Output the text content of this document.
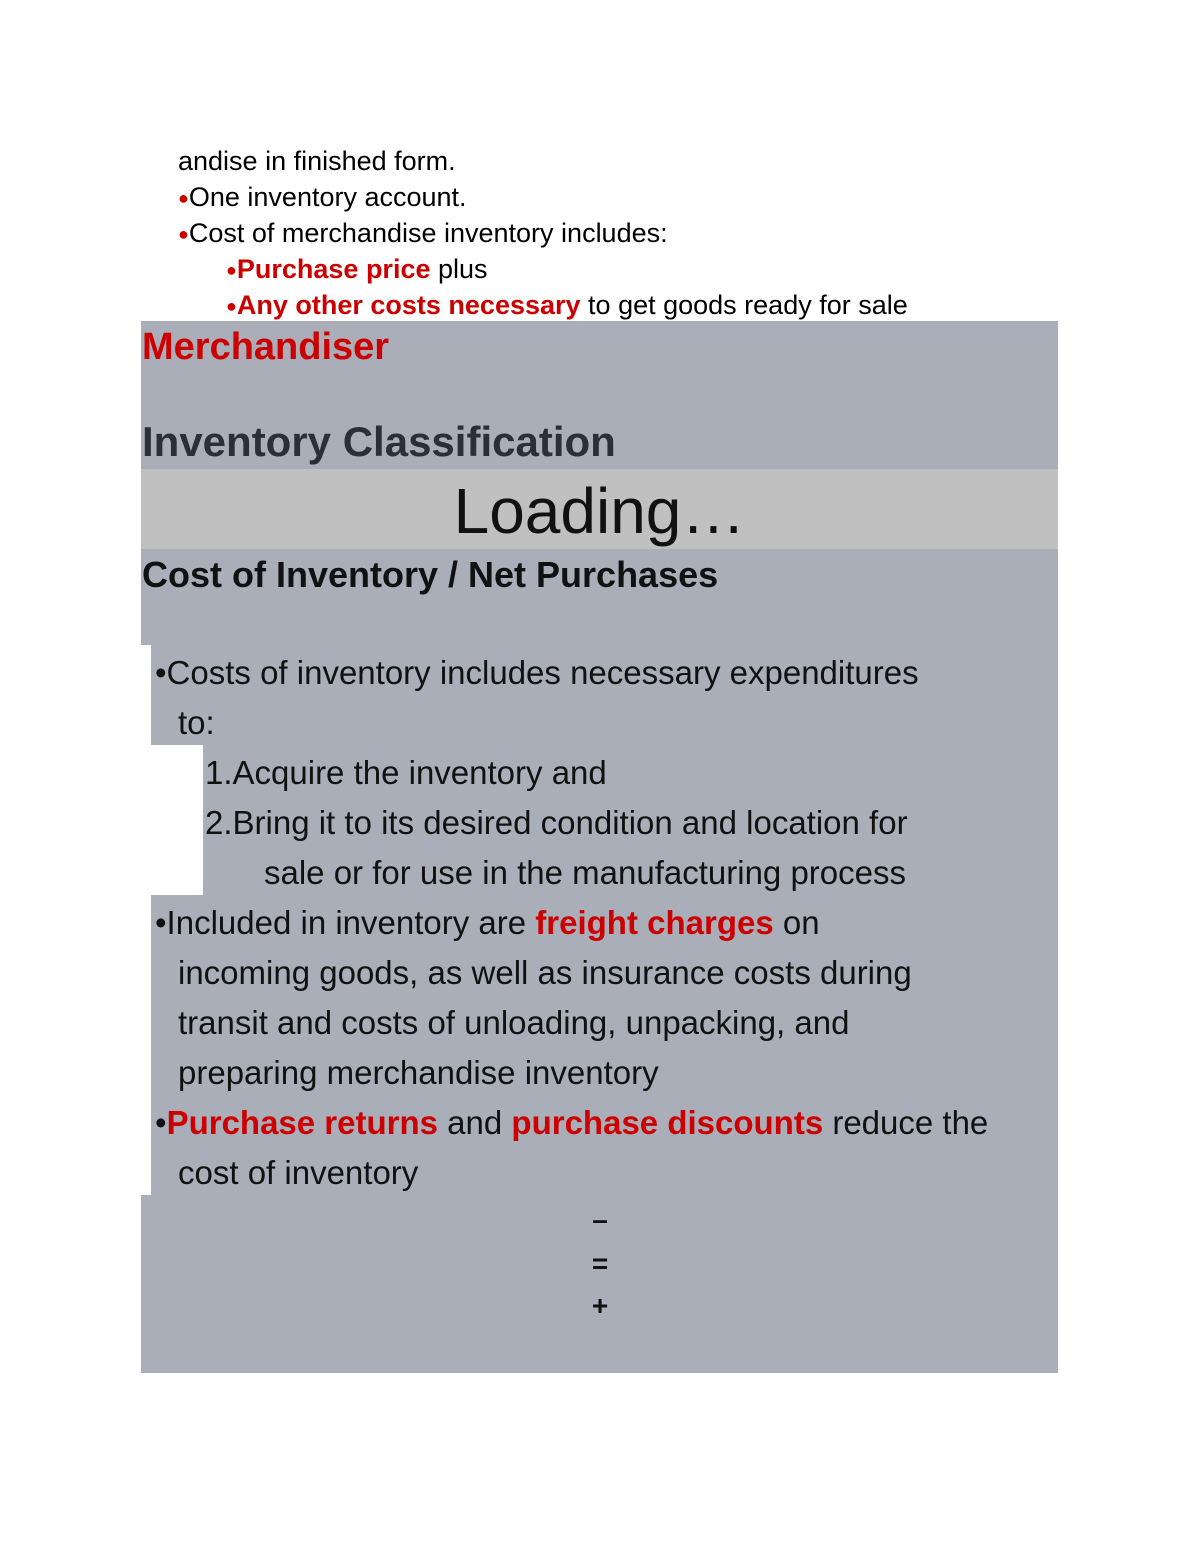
andise in finished form.
●One inventory account.
●Cost of merchandise inventory includes:
●Purchase price plus
●Any other costs necessary to get goods ready for sale
Merchandiser
Inventory Classification
Loading…
Cost of Inventory / Net Purchases
•Costs of inventory includes necessary expenditures
to:
1.Acquire the inventory and
2.Bring it to its desired condition and location for
sale or for use in the manufacturing process
•Included in inventory are freight charges on
incoming goods, as well as insurance costs during
transit and costs of unloading, unpacking, and
preparing merchandise inventory
•Purchase returns and purchase discounts reduce the
cost of inventory
–
=
+
